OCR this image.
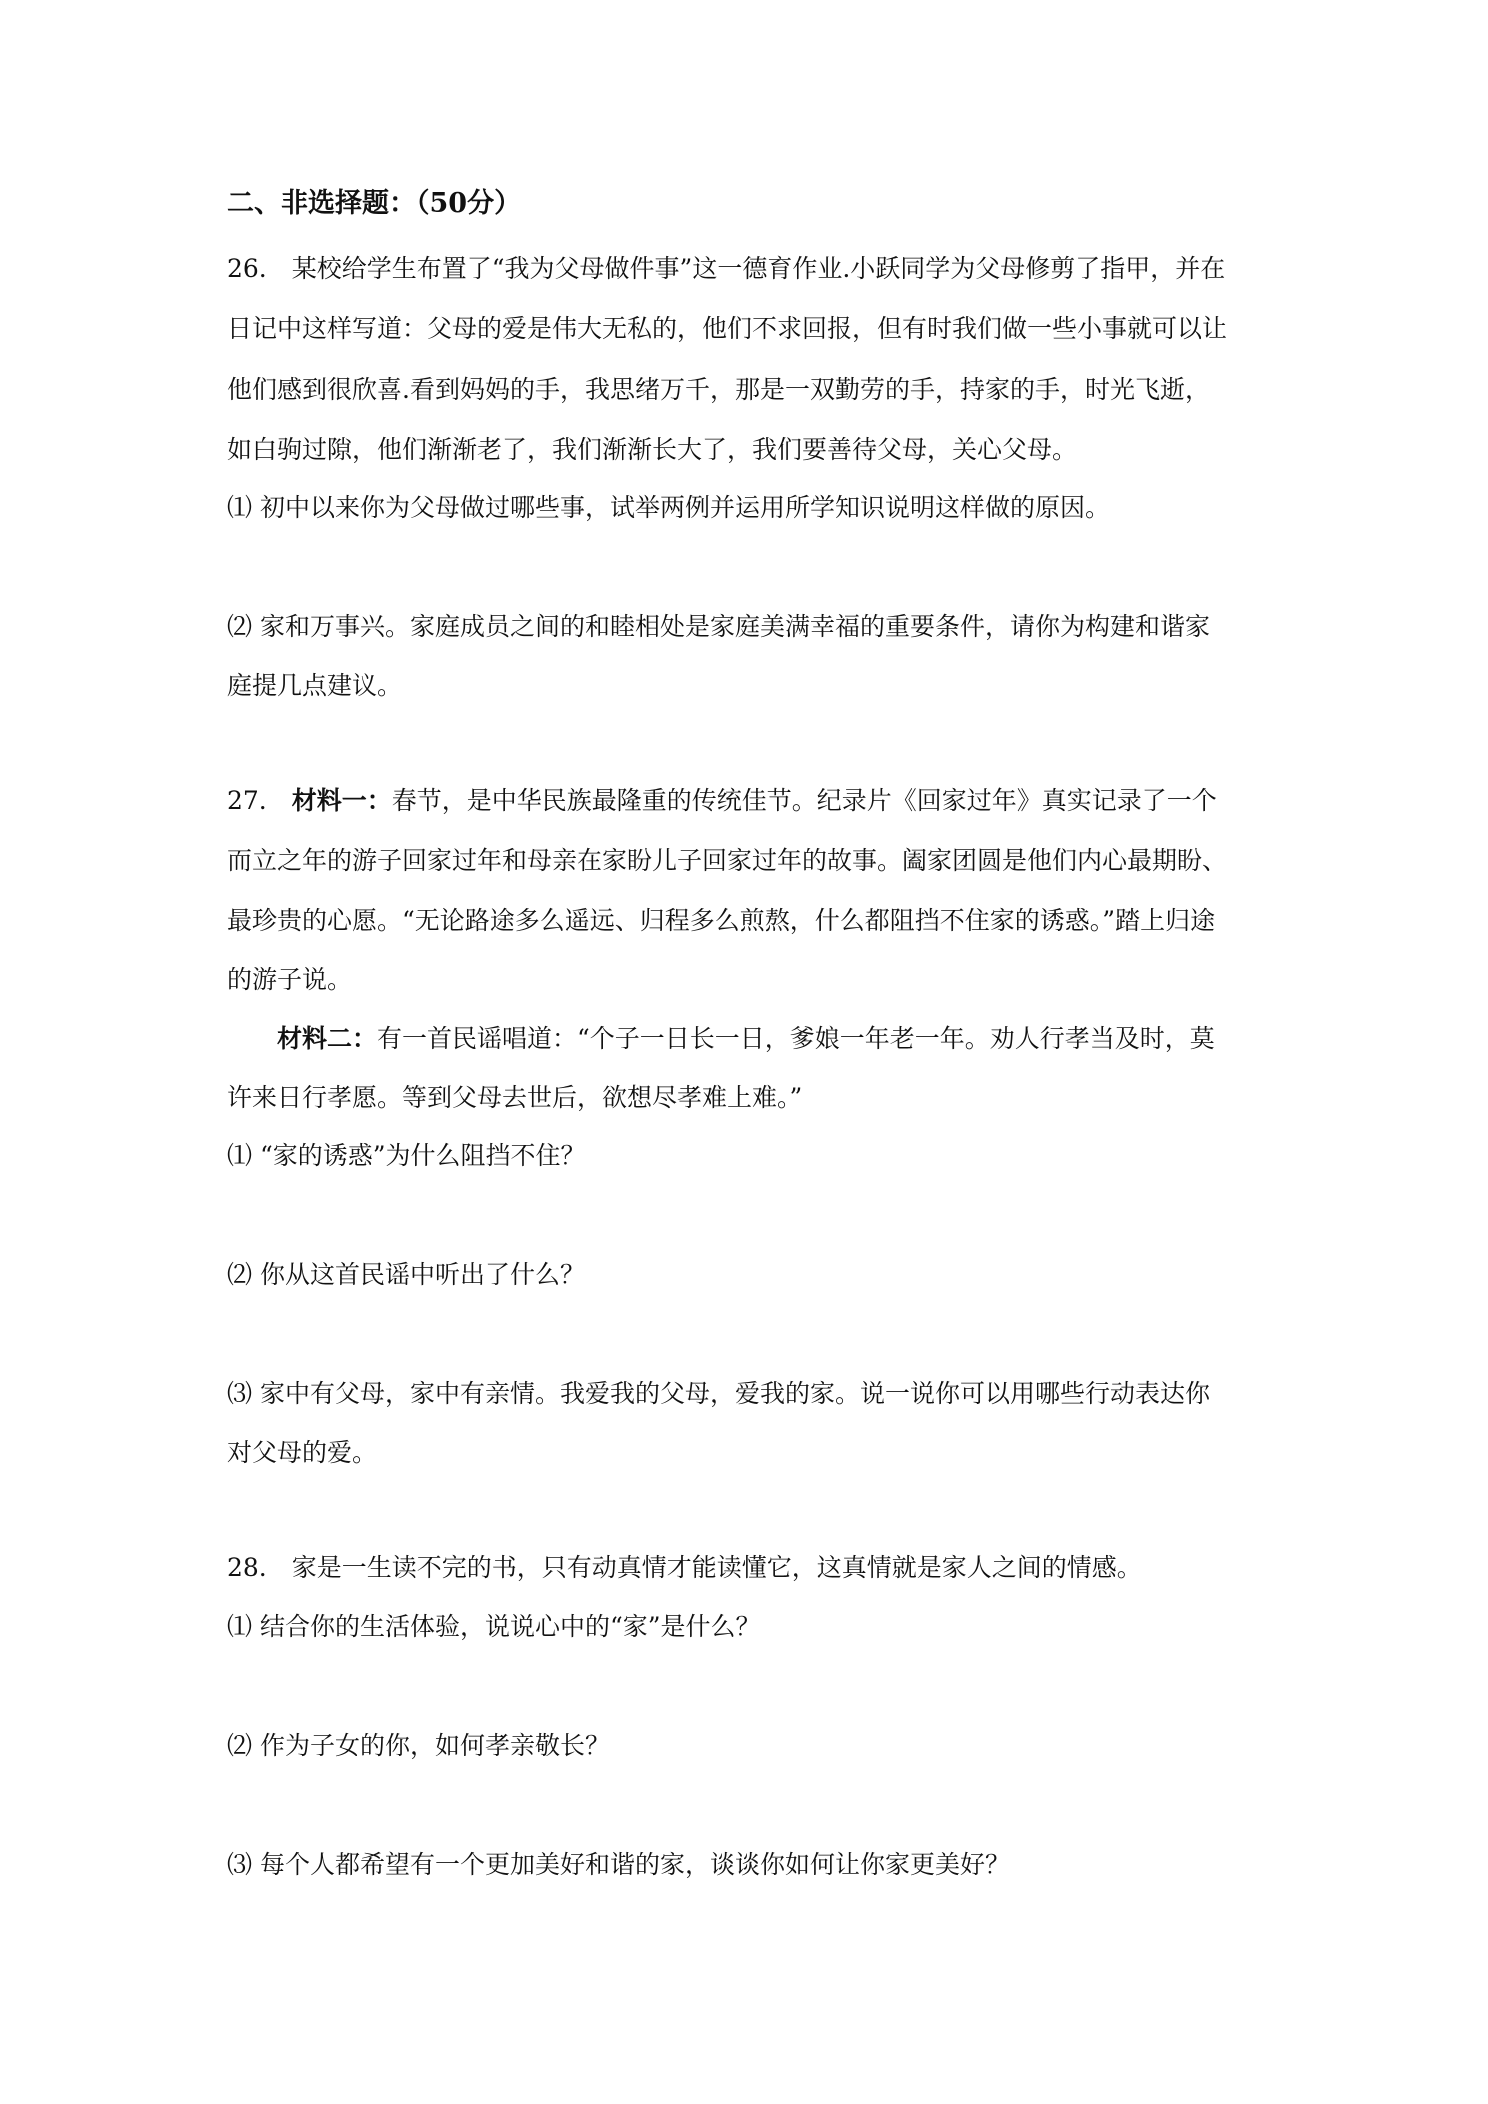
二、非选择题：（50分）

26.　某校给学生布置了“我为父母做件事”这一德育作业.小跃同学为父母修剪了指甲，并在

日记中这样写道：父母的爱是伟大无私的，他们不求回报，但有时我们做一些小事就可以让

他们感到很欣喜.看到妈妈的手，我思绪万千，那是一双勤劳的手，持家的手，时光飞逝，

如白驹过隙，他们渐渐老了，我们渐渐长大了，我们要善待父母，关心父母。

⑴ 初中以来你为父母做过哪些事，试举两例并运用所学知识说明这样做的原因。

⑵ 家和万事兴。家庭成员之间的和睦相处是家庭美满幸福的重要条件，请你为构建和谐家

庭提几点建议。

27.　材料一：春节，是中华民族最隆重的传统佳节。纪录片《回家过年》真实记录了一个

而立之年的游子回家过年和母亲在家盼儿子回家过年的故事。阖家团圆是他们内心最期盼、

最珍贵的心愿。“无论路途多么遥远、归程多么煎熬，什么都阻挡不住家的诱惑。”踏上归途

的游子说。

材料二：有一首民谣唱道：“个子一日长一日，爹娘一年老一年。劝人行孝当及时，莫

许来日行孝愿。等到父母去世后，欲想尽孝难上难。”

⑴ “家的诱惑”为什么阻挡不住？

⑵ 你从这首民谣中听出了什么？

⑶ 家中有父母，家中有亲情。我爱我的父母，爱我的家。说一说你可以用哪些行动表达你

对父母的爱。

28.　家是一生读不完的书，只有动真情才能读懂它，这真情就是家人之间的情感。

⑴ 结合你的生活体验，说说心中的“家”是什么？

⑵ 作为子女的你，如何孝亲敬长？

⑶ 每个人都希望有一个更加美好和谐的家，谈谈你如何让你家更美好？
